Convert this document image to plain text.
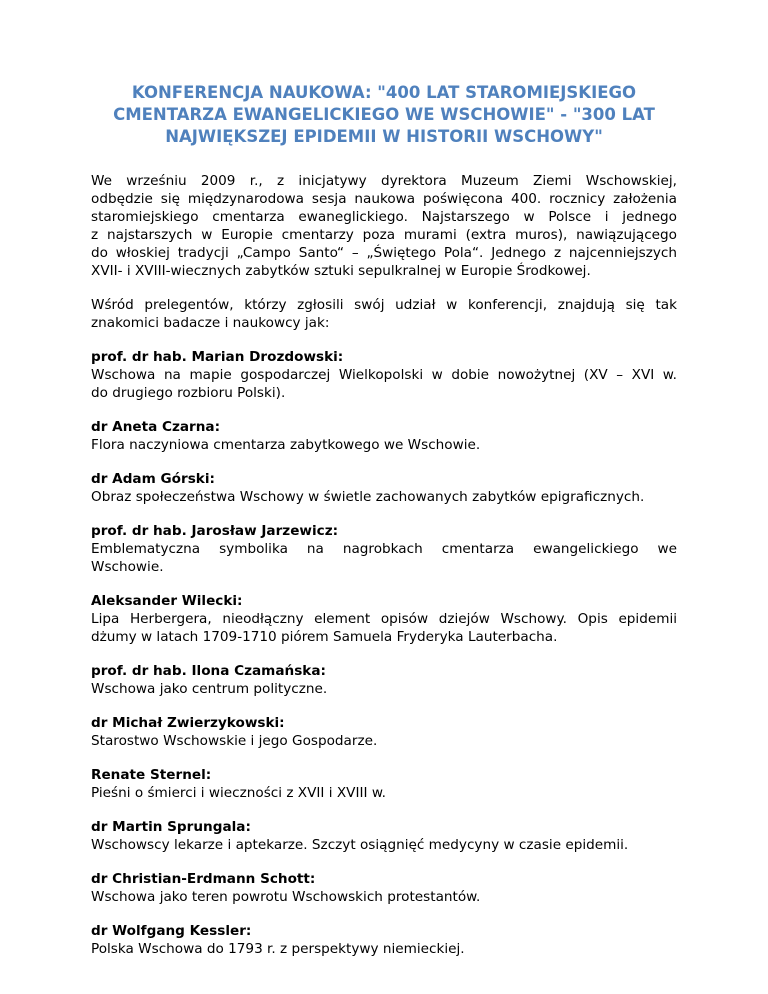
KONFERENCJA NAUKOWA: "400 LAT STAROMIEJSKIEGO
CMENTARZA EWANGELICKIEGO WE WSCHOWIE" - "300 LAT
NAJWIĘKSZEJ EPIDEMII W HISTORII WSCHOWY"
We wrześniu 2009 r., z inicjatywy dyrektora Muzeum Ziemi Wschowskiej,
odbędzie się międzynarodowa sesja naukowa poświęcona 400. rocznicy założenia
staromiejskiego cmentarza ewaneglickiego. Najstarszego w Polsce i jednego
z najstarszych w Europie cmentarzy poza murami (extra muros), nawiązującego
do włoskiej tradycji „Campo Santo“ – „Świętego Pola“. Jednego z najcenniejszych
XVII- i XVIII-wiecznych zabytków sztuki sepulkralnej w Europie Środkowej.
Wśród prelegentów, którzy zgłosili swój udział w konferencji, znajdują się tak
znakomici badacze i naukowcy jak:
prof. dr hab. Marian Drozdowski:
Wschowa na mapie gospodarczej Wielkopolski w dobie nowożytnej (XV – XVI w.
do drugiego rozbioru Polski).
dr Aneta Czarna:
Flora naczyniowa cmentarza zabytkowego we Wschowie.
dr Adam Górski:
Obraz społeczeństwa Wschowy w świetle zachowanych zabytków epigraficznych.
prof. dr hab. Jarosław Jarzewicz:
Emblematyczna symbolika na nagrobkach cmentarza ewangelickiego we
Wschowie.
Aleksander Wilecki:
Lipa Herbergera, nieodłączny element opisów dziejów Wschowy. Opis epidemii
dżumy w latach 1709-1710 piórem Samuela Fryderyka Lauterbacha.
prof. dr hab. Ilona Czamańska:
Wschowa jako centrum polityczne.
dr Michał Zwierzykowski:
Starostwo Wschowskie i jego Gospodarze.
Renate Sternel:
Pieśni o śmierci i wieczności z XVII i XVIII w.
dr Martin Sprungala:
Wschowscy lekarze i aptekarze. Szczyt osiągnięć medycyny w czasie epidemii.
dr Christian-Erdmann Schott:
Wschowa jako teren powrotu Wschowskich protestantów.
dr Wolfgang Kessler:
Polska Wschowa do 1793 r. z perspektywy niemieckiej.
